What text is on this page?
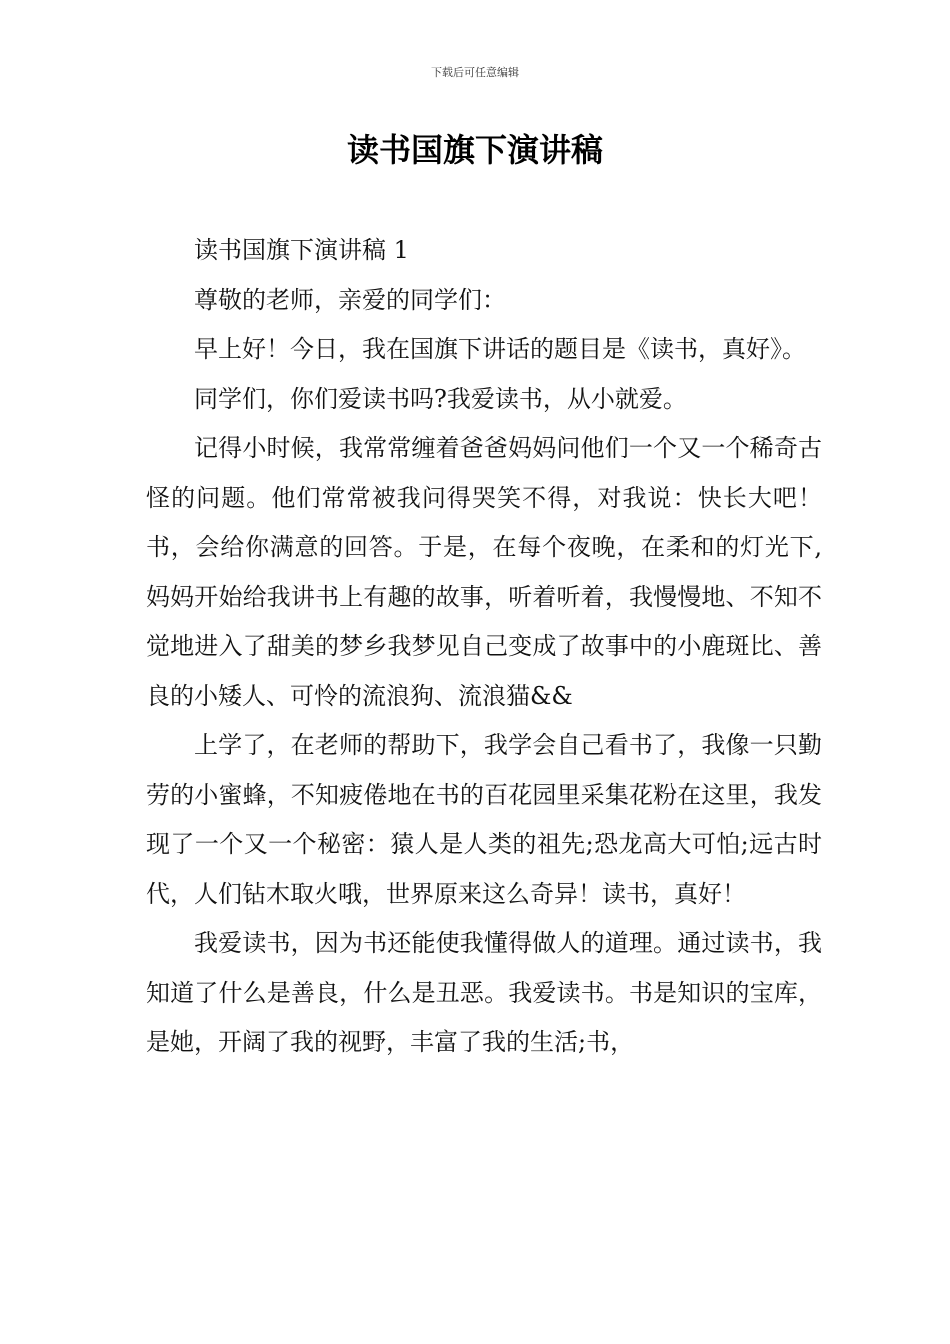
下载后可任意编辑
读书国旗下演讲稿

读书国旗下演讲稿 1

尊敬的老师，亲爱的同学们：

早上好！今日，我在国旗下讲话的题目是《读书，真好》。

同学们，你们爱读书吗?我爱读书，从小就爱。

记得小时候，我常常缠着爸爸妈妈问他们一个又一个稀奇古怪的问题。他们常常被我问得哭笑不得，对我说：快长大吧！书，会给你满意的回答。于是，在每个夜晚，在柔和的灯光下,妈妈开始给我讲书上有趣的故事，听着听着，我慢慢地、不知不觉地进入了甜美的梦乡我梦见自己变成了故事中的小鹿斑比、善良的小矮人、可怜的流浪狗、流浪猫&&

上学了，在老师的帮助下，我学会自己看书了，我像一只勤劳的小蜜蜂，不知疲倦地在书的百花园里采集花粉在这里，我发现了一个又一个秘密：猿人是人类的祖先;恐龙高大可怕;远古时代，人们钻木取火哦，世界原来这么奇异！读书，真好！

我爱读书，因为书还能使我懂得做人的道理。通过读书，我知道了什么是善良，什么是丑恶。我爱读书。书是知识的宝库，是她，开阔了我的视野，丰富了我的生活;书，
